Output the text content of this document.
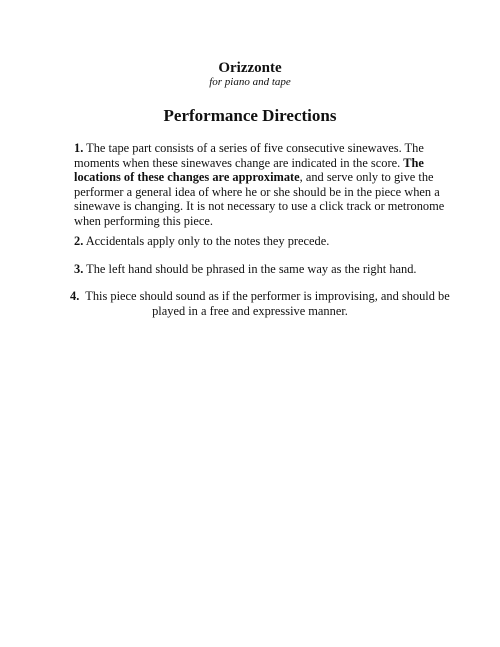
Orizzonte
for piano and tape
Performance Directions
1. The tape part consists of a series of five consecutive sinewaves. The
moments when these sinewaves change are indicated in the score. The
locations of these changes are approximate, and serve only to give the
performer a general idea of where he or she should be in the piece when a
sinewave is changing. It is not necessary to use a click track or metronome
when performing this piece.
2. Accidentals apply only to the notes they precede.
3. The left hand should be phrased in the same way as the right hand.
4. This piece should sound as if the performer is improvising, and should be
played in a free and expressive manner.
